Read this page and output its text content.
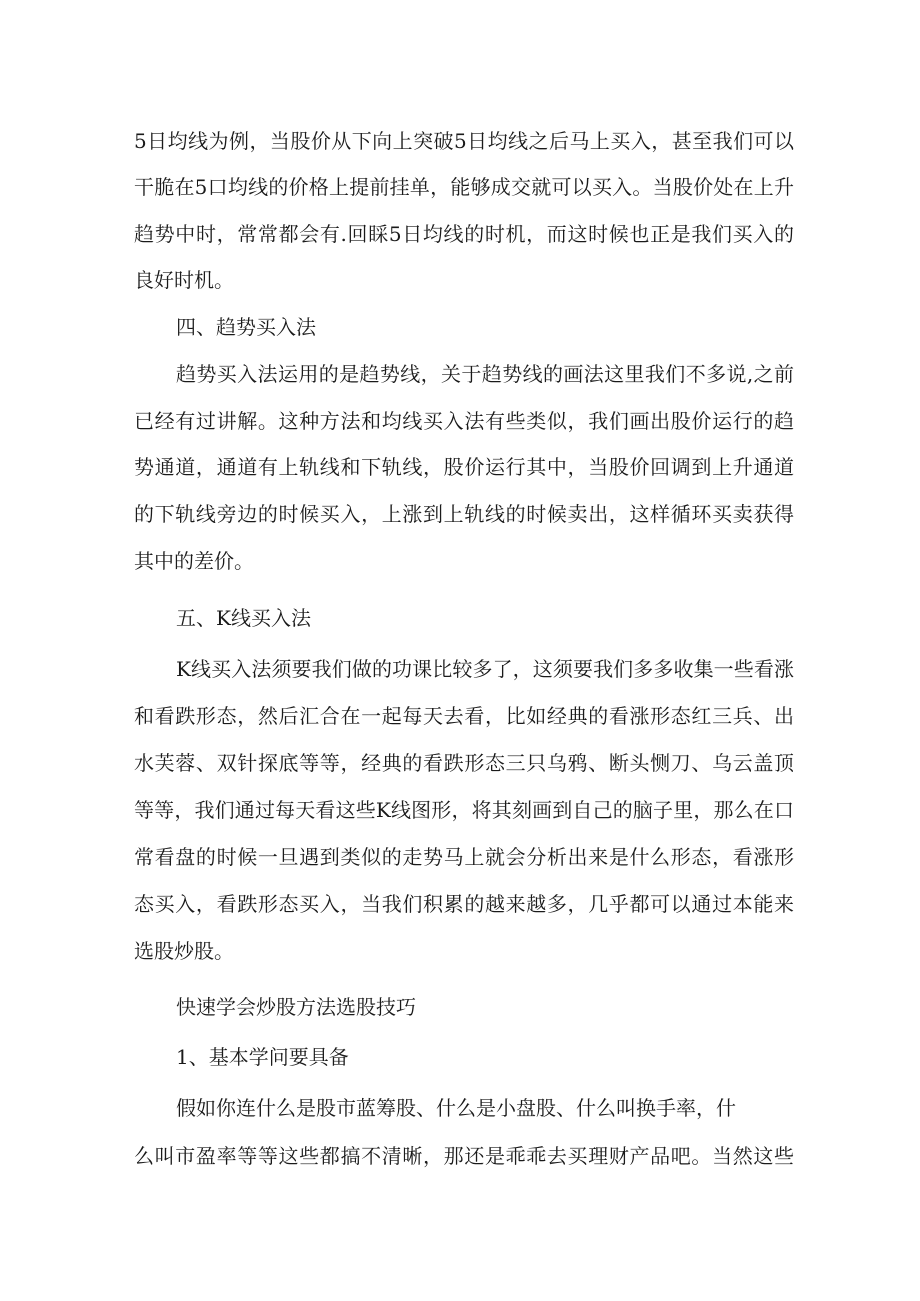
5日均线为例，当股价从下向上突破5日均线之后马上买入，甚至我们可以
干脆在5口均线的价格上提前挂单，能够成交就可以买入。当股价处在上升
趋势中时，常常都会有.回睬5日均线的时机，而这时候也正是我们买入的
良好时机。
四、趋势买入法
趋势买入法运用的是趋势线，关于趋势线的画法这里我们不多说,之前
已经有过讲解。这种方法和均线买入法有些类似，我们画出股价运行的趋
势通道，通道有上轨线和下轨线，股价运行其中，当股价回调到上升通道
的下轨线旁边的时候买入，上涨到上轨线的时候卖出，这样循环买卖获得
其中的差价。
五、K线买入法
K线买入法须要我们做的功课比较多了，这须要我们多多收集一些看涨
和看跌形态，然后汇合在一起每天去看，比如经典的看涨形态红三兵、出
水芙蓉、双针探底等等，经典的看跌形态三只乌鸦、断头恻刀、乌云盖顶
等等，我们通过每天看这些K线图形，将其刻画到自己的脑子里，那么在口
常看盘的时候一旦遇到类似的走势马上就会分析出来是什么形态，看涨形
态买入，看跌形态买入，当我们积累的越来越多，几乎都可以通过本能来
选股炒股。
快速学会炒股方法选股技巧
1、基本学问要具备
假如你连什么是股市蓝筹股、什么是小盘股、什么叫换手率，什
么叫市盈率等等这些都搞不清晰，那还是乖乖去买理财产品吧。当然这些
